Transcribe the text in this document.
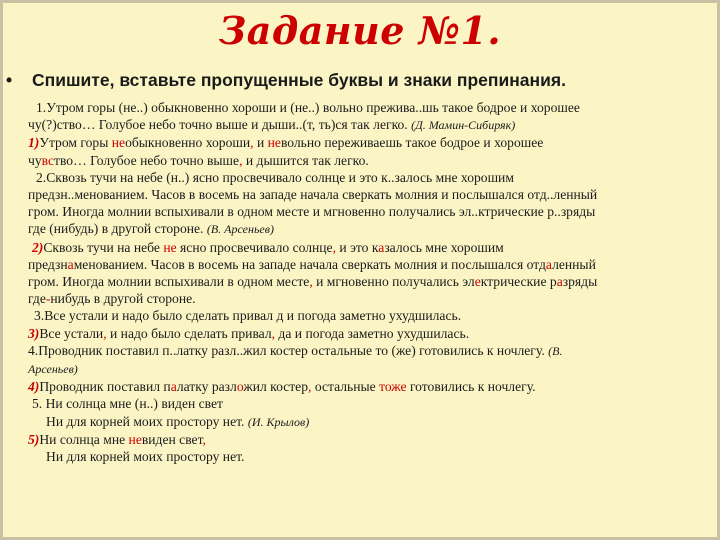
Задание №1.
• Спишите, вставьте пропущенные буквы и знаки препинания.
1.Утром горы (не..) обыкновенно хороши и (не..) вольно прежива..шь такое бодрое и хорошее
чу(?)ство… Голубое небо точно выше и дыши..(т, ть)ся так легко. (Д. Мамин-Сибиряк)
1)Утром горы необыкновенно хороши, и невольно переживаешь такое бодрое и хорошее
чувство… Голубое небо точно выше, и дышится так легко.
2.Сквозь тучи на небе (н..) ясно просвечивало солнце и это к..залось мне хорошим
предзн..менованием. Часов в восемь на западе начала сверкать молния и послышался отд..ленный
гром. Иногда молнии вспыхивали в одном месте и мгновенно получались эл..ктрические р..зряды
где (нибудь) в другой стороне. (В. Арсеньев)
2)Сквозь тучи на небе не ясно просвечивало солнце, и это казалось мне хорошим
предзнаменованием. Часов в восемь на западе начала сверкать молния и послышался отдаленный
гром. Иногда молнии вспыхивали в одном месте, и мгновенно получались электрические разряды
где-нибудь в другой стороне.
3.Все устали и надо было сделать привал д и погода заметно ухудшилась.
3)Все устали, и надо было сделать привал, да и погода заметно ухудшилась.
4.Проводник поставил п..латку разл..жил костер остальные то (же) готовились к ночлегу. (В.
Арсеньев)
4)Проводник поставил палатку разложил костер, остальные тоже готовились к ночлегу.
5. Ни солнца мне (н..) виден свет
Ни для корней моих простору нет. (И. Крылов)
5)Ни солнца мне невиден свет,
Ни для корней моих простору нет.
